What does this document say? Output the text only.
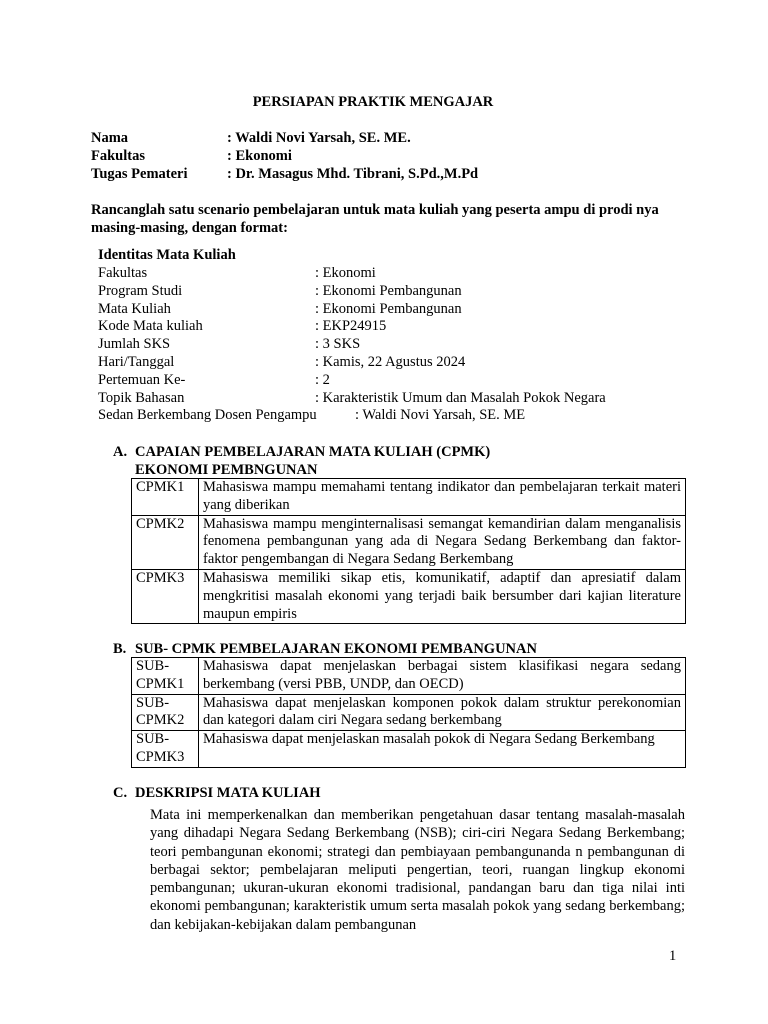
PERSIAPAN PRAKTIK MENGAJAR
Nama	: Waldi Novi Yarsah, SE. ME.
Fakultas	: Ekonomi
Tugas Pemateri	: Dr. Masagus Mhd. Tibrani, S.Pd.,M.Pd
Rancanglah satu scenario pembelajaran untuk mata kuliah yang peserta ampu di prodi nya masing-masing, dengan format:
Identitas Mata Kuliah
Fakultas	: Ekonomi
Program Studi	: Ekonomi Pembangunan
Mata Kuliah	: Ekonomi Pembangunan
Kode Mata kuliah	: EKP24915
Jumlah SKS	: 3 SKS
Hari/Tanggal	: Kamis, 22 Agustus 2024
Pertemuan Ke-	: 2
Topik Bahasan	: Karakteristik Umum dan Masalah Pokok Negara
Sedan Berkembang Dosen Pengampu	: Waldi Novi Yarsah, SE. ME
A. CAPAIAN PEMBELAJARAN MATA KULIAH (CPMK)
EKONOMI PEMBNGUNAN
CPMK1	Mahasiswa mampu memahami tentang indikator dan pembelajaran terkait materi yang diberikan
CPMK2	Mahasiswa mampu menginternalisasi semangat kemandirian dalam menganalisis fenomena pembangunan yang ada di Negara Sedang Berkembang dan faktor-faktor pengembangan di Negara Sedang Berkembang
CPMK3	Mahasiswa memiliki sikap etis, komunikatif, adaptif dan apresiatif dalam mengkritisi masalah ekonomi yang terjadi baik bersumber dari kajian literature maupun empiris
B. SUB- CPMK PEMBELAJARAN EKONOMI PEMBANGUNAN
SUB-CPMK1	Mahasiswa dapat menjelaskan berbagai sistem klasifikasi negara sedang berkembang (versi PBB, UNDP, dan OECD)
SUB-CPMK2	Mahasiswa dapat menjelaskan komponen pokok dalam struktur perekonomian dan kategori dalam ciri Negara sedang berkembang
SUB-CPMK3	Mahasiswa dapat menjelaskan masalah pokok di Negara Sedang Berkembang
C. DESKRIPSI MATA KULIAH
Mata ini memperkenalkan dan memberikan pengetahuan dasar tentang masalah-masalah yang dihadapi Negara Sedang Berkembang (NSB); ciri-ciri Negara Sedang Berkembang; teori pembangunan ekonomi; strategi dan pembiayaan pembangunanda n pembangunan di berbagai sektor; pembelajaran meliputi pengertian, teori, ruangan lingkup ekonomi pembangunan; ukuran-ukuran ekonomi tradisional, pandangan baru dan tiga nilai inti ekonomi pembangunan; karakteristik umum serta masalah pokok yang sedang berkembang; dan kebijakan-kebijakan dalam pembangunan
1
